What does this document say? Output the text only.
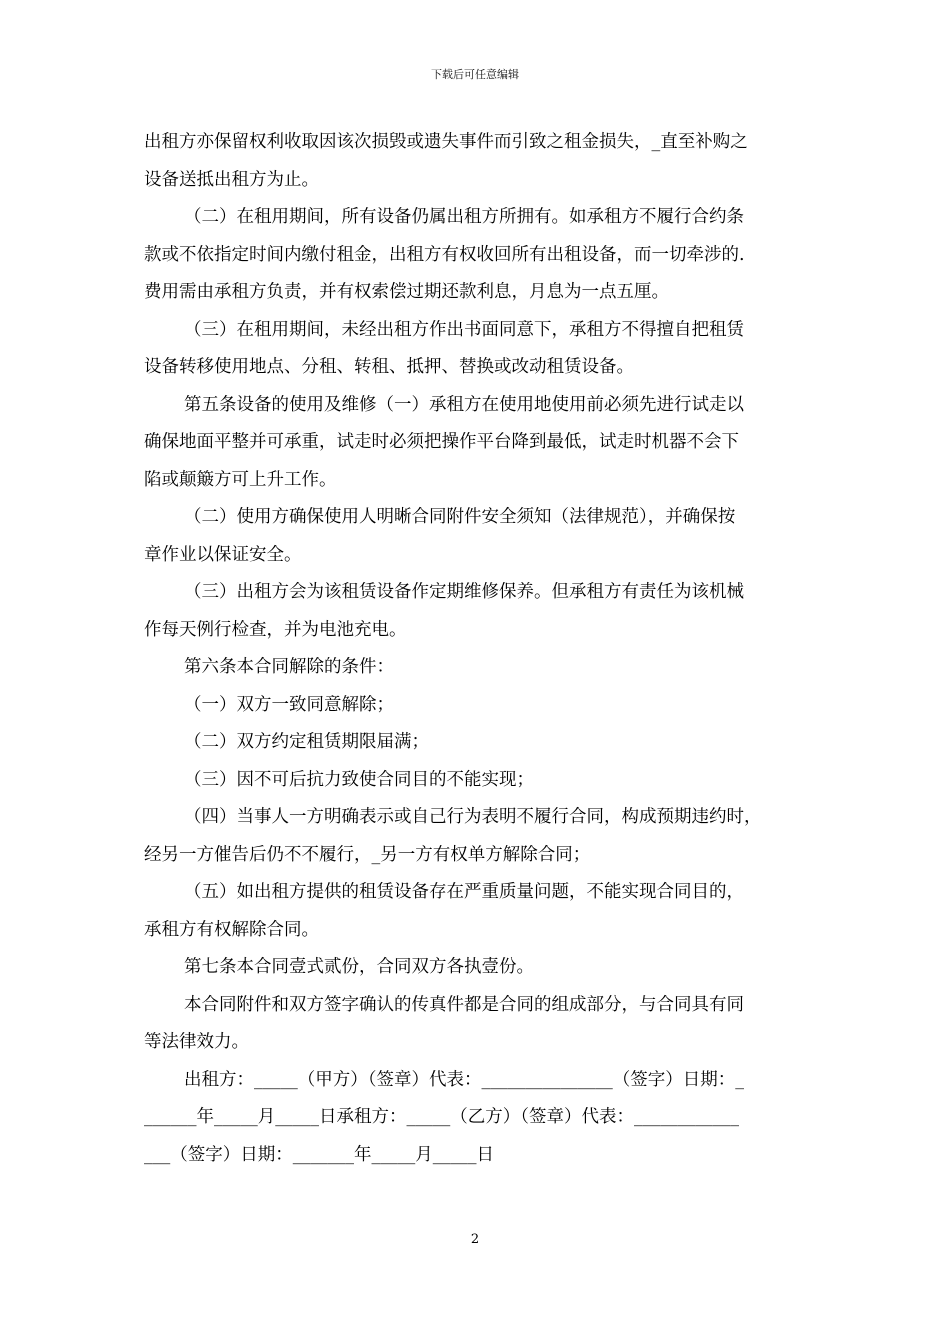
下载后可任意编辑

出租方亦保留权利收取因该次损毁或遗失事件而引致之租金损失，_直至补购之

设备送抵出租方为止。

（二）在租用期间，所有设备仍属出租方所拥有。如承租方不履行合约条

款或不依指定时间内缴付租金，出租方有权收回所有出租设备，而一切牵涉的.

费用需由承租方负责，并有权索偿过期还款利息，月息为一点五厘。

（三）在租用期间，未经出租方作出书面同意下，承租方不得擅自把租赁

设备转移使用地点、分租、转租、抵押、替换或改动租赁设备。

第五条设备的使用及维修（一）承租方在使用地使用前必须先进行试走以

确保地面平整并可承重，试走时必须把操作平台降到最低，试走时机器不会下

陷或颠簸方可上升工作。

（二）使用方确保使用人明晰合同附件安全须知（法律规范），并确保按

章作业以保证安全。

（三）出租方会为该租赁设备作定期维修保养。但承租方有责任为该机械

作每天例行检查，并为电池充电。

第六条本合同解除的条件：

（一）双方一致同意解除；

（二）双方约定租赁期限届满；

（三）因不可后抗力致使合同目的不能实现；

（四）当事人一方明确表示或自己行为表明不履行合同，构成预期违约时，

经另一方催告后仍不不履行，_另一方有权单方解除合同；

（五）如出租方提供的租赁设备存在严重质量问题，不能实现合同目的，

承租方有权解除合同。

第七条本合同壹式贰份，合同双方各执壹份。

本合同附件和双方签字确认的传真件都是合同的组成部分，与合同具有同

等法律效力。

出租方：_____（甲方）（签章）代表：_______________（签字）日期：_

______年_____月_____日承租方：_____（乙方）（签章）代表：____________

___（签字）日期：_______年_____月_____日

2
